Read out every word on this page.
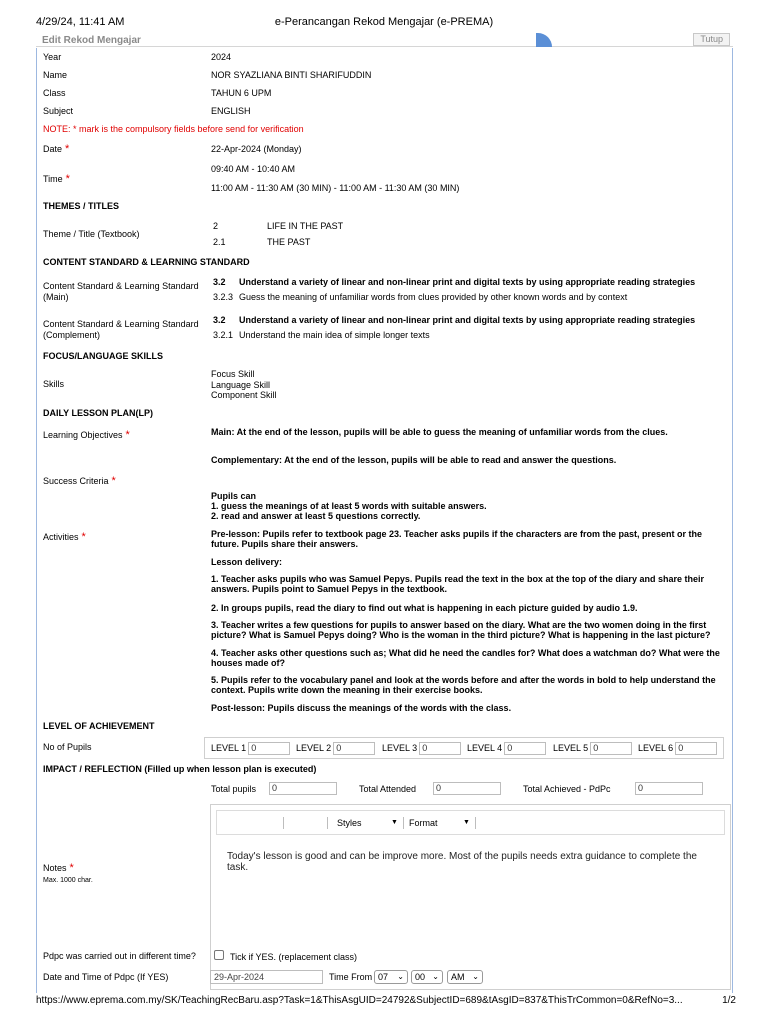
4/29/24, 11:41 AM	e-Perancangan Rekod Mengajar (e-PREMA)
Edit Rekod Mengajar	Tutup
Year	2024
Name	NOR SYAZLIANA BINTI SHARIFUDDIN
Class	TAHUN 6 UPM
Subject	ENGLISH
NOTE: * mark is the compulsory fields before send for verification
Date *	22-Apr-2024 (Monday)
09:40 AM - 10:40 AM
Time *
11:00 AM - 11:30 AM (30 MIN) - 11:00 AM - 11:30 AM (30 MIN)
THEMES / TITLES
Theme / Title (Textbook)
2	LIFE IN THE PAST
2.1	THE PAST
CONTENT STANDARD & LEARNING STANDARD
Content Standard & Learning Standard (Main)
3.2 Understand a variety of linear and non-linear print and digital texts by using appropriate reading strategies
3.2.3 Guess the meaning of unfamiliar words from clues provided by other known words and by context
Content Standard & Learning Standard (Complement)
3.2 Understand a variety of linear and non-linear print and digital texts by using appropriate reading strategies
3.2.1 Understand the main idea of simple longer texts
FOCUS/LANGUAGE SKILLS
Skills
Focus Skill
Language Skill
Component Skill
DAILY LESSON PLAN(LP)
Learning Objectives *	Main: At the end of the lesson, pupils will be able to guess the meaning of unfamiliar words from the clues.
Complementary: At the end of the lesson, pupils will be able to read and answer the questions.
Success Criteria *
Pupils can
1. guess the meanings of at least 5 words with suitable answers.
2. read and answer at least 5 questions correctly.
Activities *	Pre-lesson: Pupils refer to textbook page 23. Teacher asks pupils if the characters are from the past, present or the future. Pupils share their answers.
Lesson delivery:
1. Teacher asks pupils who was Samuel Pepys. Pupils read the text in the box at the top of the diary and share their answers. Pupils point to Samuel Pepys in the textbook.
2. In groups pupils, read the diary to find out what is happening in each picture guided by audio 1.9.
3. Teacher writes a few questions for pupils to answer based on the diary. What are the two women doing in the first picture? What is Samuel Pepys doing? Who is the woman in the third picture? What is happening in the last picture?
4. Teacher asks other questions such as; What did he need the candles for? What does a watchman do? What were the houses made of?
5. Pupils refer to the vocabulary panel and look at the words before and after the words in bold to help understand the context. Pupils write down the meaning in their exercise books.
Post-lesson: Pupils discuss the meanings of the words with the class.
LEVEL OF ACHIEVEMENT
No of Pupils	LEVEL 1 0	LEVEL 2 0	LEVEL 3 0	LEVEL 4 0	LEVEL 5 0	LEVEL 6 0
IMPACT / REFLECTION (Filled up when lesson plan is executed)
Total pupils	0	Total Attended	0	Total Achieved - PdPc	0
Notes *
Max. 1000 char.
Styles	▼ Format	▼
Today's lesson is good and can be improve more. Most of the pupils needs extra guidance to complete the task.
Pdpc was carried out in different time?	Tick if YES. (replacement class)
Date and Time of Pdpc (If YES)	29-Apr-2024	Time From 07 ⌄	00 ⌄	AM ⌄
https://www.eprema.com.my/SK/TeachingRecBaru.asp?Task=1&ThisAsgUID=24792&SubjectID=689&tAsgID=837&ThisTrCommon=0&RefNo=3...	1/2
